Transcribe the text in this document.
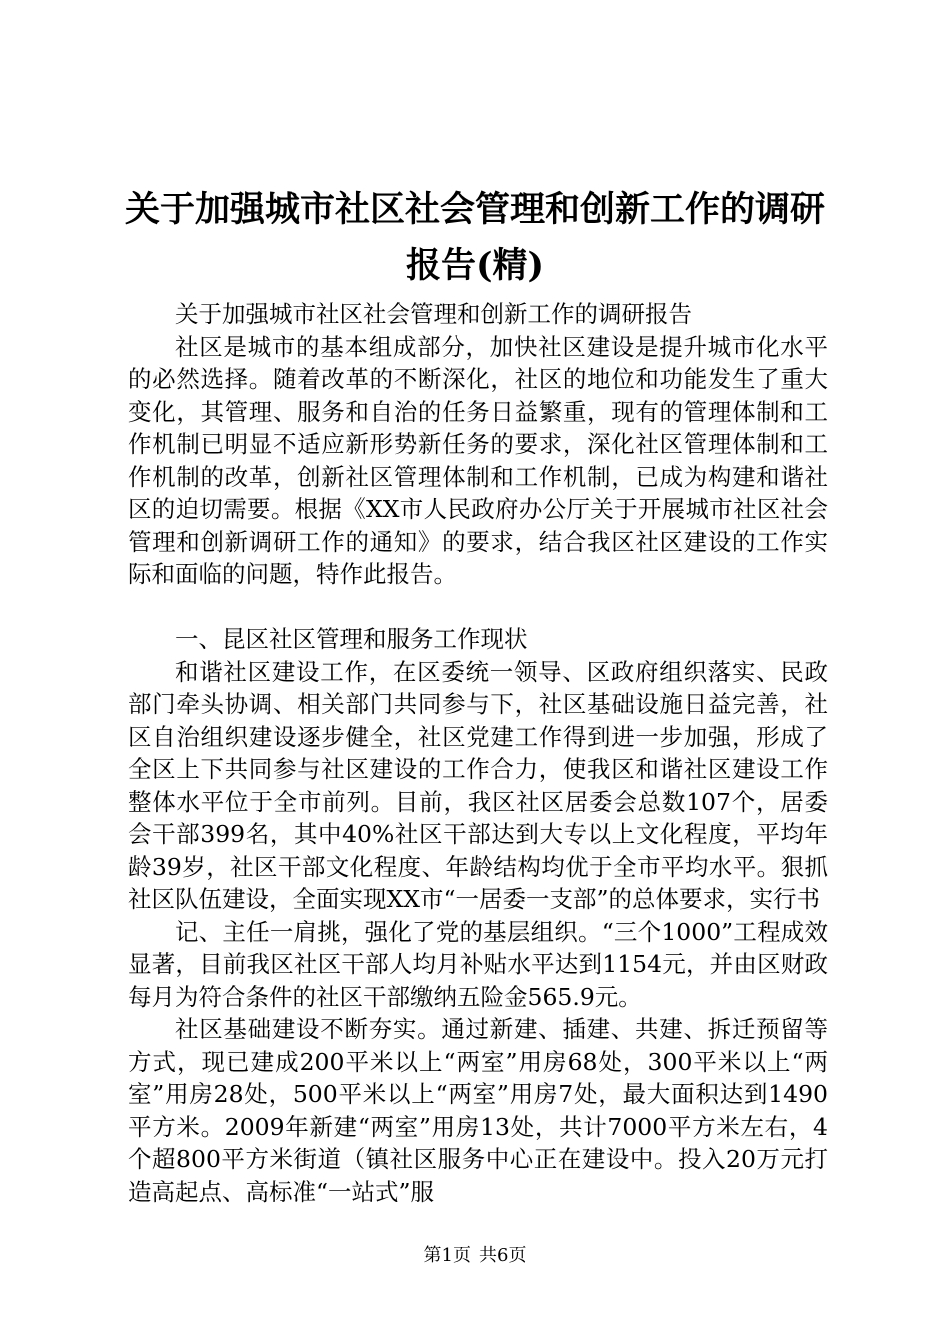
关于加强城市社区社会管理和创新工作的调研
报告(精)

关于加强城市社区社会管理和创新工作的调研报告

社区是城市的基本组成部分，加快社区建设是提升城市化水平的必然选择。随着改革的不断深化，社区的地位和功能发生了重大变化，其管理、服务和自治的任务日益繁重，现有的管理体制和工作机制已明显不适应新形势新任务的要求，深化社区管理体制和工作机制的改革，创新社区管理体制和工作机制，已成为构建和谐社区的迫切需要。根据《XX市人民政府办公厅关于开展城市社区社会管理和创新调研工作的通知》的要求，结合我区社区建设的工作实际和面临的问题，特作此报告。

一、昆区社区管理和服务工作现状

和谐社区建设工作，在区委统一领导、区政府组织落实、民政部门牵头协调、相关部门共同参与下，社区基础设施日益完善，社区自治组织建设逐步健全，社区党建工作得到进一步加强，形成了全区上下共同参与社区建设的工作合力，使我区和谐社区建设工作整体水平位于全市前列。目前，我区社区居委会总数107个，居委会干部399名，其中40%社区干部达到大专以上文化程度，平均年龄39岁，社区干部文化程度、年龄结构均优于全市平均水平。狠抓社区队伍建设，全面实现XX市“一居委一支部”的总体要求，实行书

记、主任一肩挑，强化了党的基层组织。“三个1000”工程成效显著，目前我区社区干部人均月补贴水平达到1154元，并由区财政每月为符合条件的社区干部缴纳五险金565.9元。

社区基础建设不断夯实。通过新建、插建、共建、拆迁预留等方式，现已建成200平米以上“两室”用房68处，300平米以上“两室”用房28处，500平米以上“两室”用房7处，最大面积达到1490平方米。2009年新建“两室”用房13处，共计7000平方米左右，4个超800平方米街道（镇社区服务中心正在建设中。投入20万元打造高起点、高标准“一站式”服

第1页 共6页
